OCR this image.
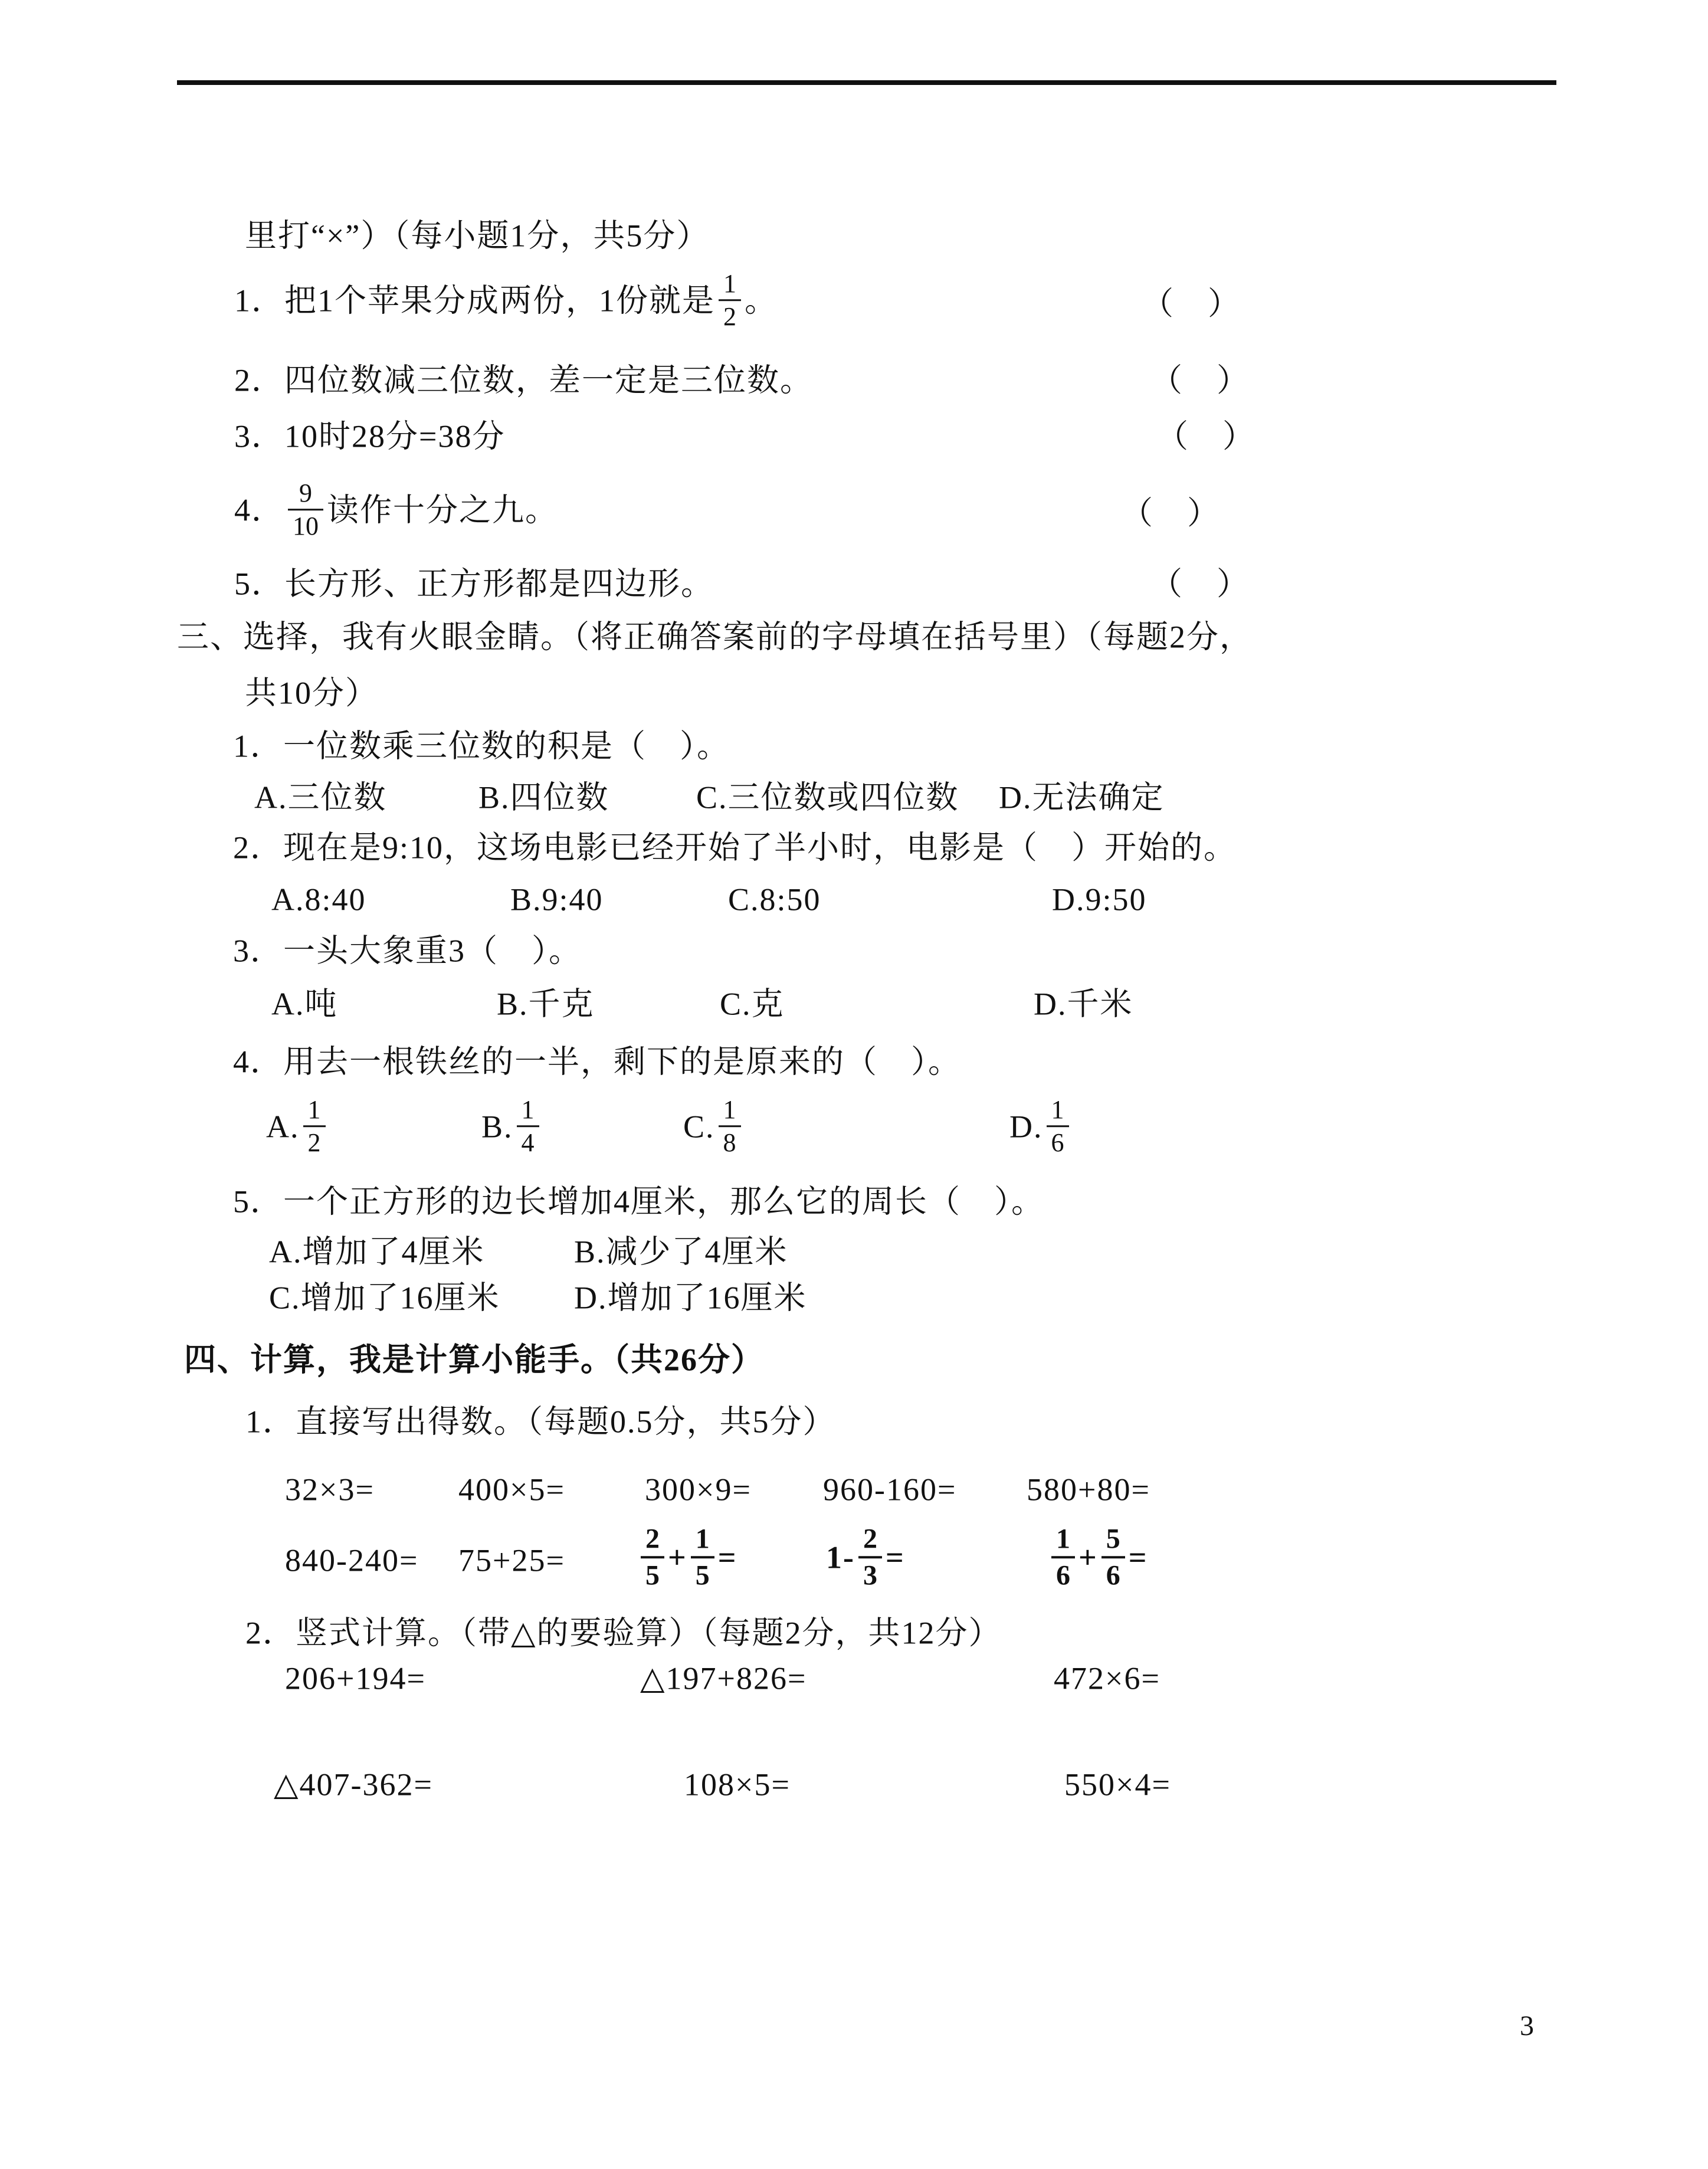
里打“×”）（每小题1分，共5分）
1．把1个苹果分成两份，1份就是 $\frac{1}{2}$ 。	（　）
2．四位数减三位数，差一定是三位数。	（　）
3．10时28分=38分	（　）
4． $\frac{9}{10}$ 读作十分之九。	（　）
5．长方形、正方形都是四边形。	（　）
三、选择，我有火眼金睛。（将正确答案前的字母填在括号里）（每题2分，
共10分）
1．一位数乘三位数的积是（　）。
A.三位数	B.四位数	C.三位数或四位数 D.无法确定
2．现在是9:10，这场电影已经开始了半小时，电影是（　）开始的。
A.8:40	B.9:40	C.8:50	D.9:50
3．一头大象重3（　）。
A.吨	B.千克	C.克	D.千米
4．用去一根铁丝的一半，剩下的是原来的（　）。
A. $\frac{1}{2}$	B. $\frac{1}{4}$	C. $\frac{1}{8}$	D. $\frac{1}{6}$
5．一个正方形的边长增加4厘米，那么它的周长（　）。
A.增加了4厘米	B.减少了4厘米
C.增加了16厘米 D.增加了16厘米
四、计算，我是计算小能手。（共26分）
1．直接写出得数。（每题0.5分，共5分）
32×3=	400×5=	300×9= 960-160= 580+80=
840-240= 75+25=	$\frac{2}{5} + \frac{1}{5}$ =	$1- \frac{2}{3}$ =	$\frac{1}{6} + \frac{5}{6}$ =
2．竖式计算。（带△的要验算）（每题2分，共12分）
206+194=	△197+826=	472×6=
△407-362=	108×5=	550×4=
3
